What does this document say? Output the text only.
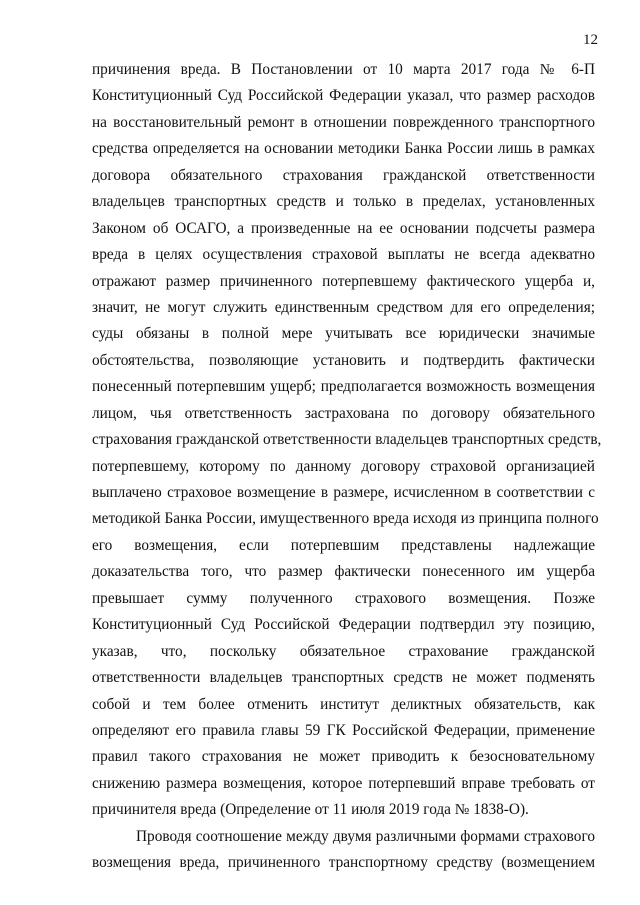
12
причинения вреда. В Постановлении от 10 марта 2017 года № 6-П
Конституционный Суд Российской Федерации указал, что размер расходов
на восстановительный ремонт в отношении поврежденного транспортного
средства определяется на основании методики Банка России лишь в рамках
договора обязательного страхования гражданской ответственности
владельцев транспортных средств и только в пределах, установленных
Законом об ОСАГО, а произведенные на ее основании подсчеты размера
вреда в целях осуществления страховой выплаты не всегда адекватно
отражают размер причиненного потерпевшему фактического ущерба и,
значит, не могут служить единственным средством для его определения;
суды обязаны в полной мере учитывать все юридически значимые
обстоятельства, позволяющие установить и подтвердить фактически
понесенный потерпевшим ущерб; предполагается возможность возмещения
лицом, чья ответственность застрахована по договору обязательного
страхования гражданской ответственности владельцев транспортных средств,
потерпевшему, которому по данному договору страховой организацией
выплачено страховое возмещение в размере, исчисленном в соответствии с
методикой Банка России, имущественного вреда исходя из принципа полного
его возмещения, если потерпевшим представлены надлежащие
доказательства того, что размер фактически понесенного им ущерба
превышает сумму полученного страхового возмещения. Позже
Конституционный Суд Российской Федерации подтвердил эту позицию,
указав, что, поскольку обязательное страхование гражданской
ответственности владельцев транспортных средств не может подменять
собой и тем более отменить институт деликтных обязательств, как
определяют его правила главы 59 ГК Российской Федерации, применение
правил такого страхования не может приводить к безосновательному
снижению размера возмещения, которое потерпевший вправе требовать от
причинителя вреда (Определение от 11 июля 2019 года № 1838-О).
Проводя соотношение между двумя различными формами страхового
возмещения вреда, причиненного транспортному средству (возмещением
